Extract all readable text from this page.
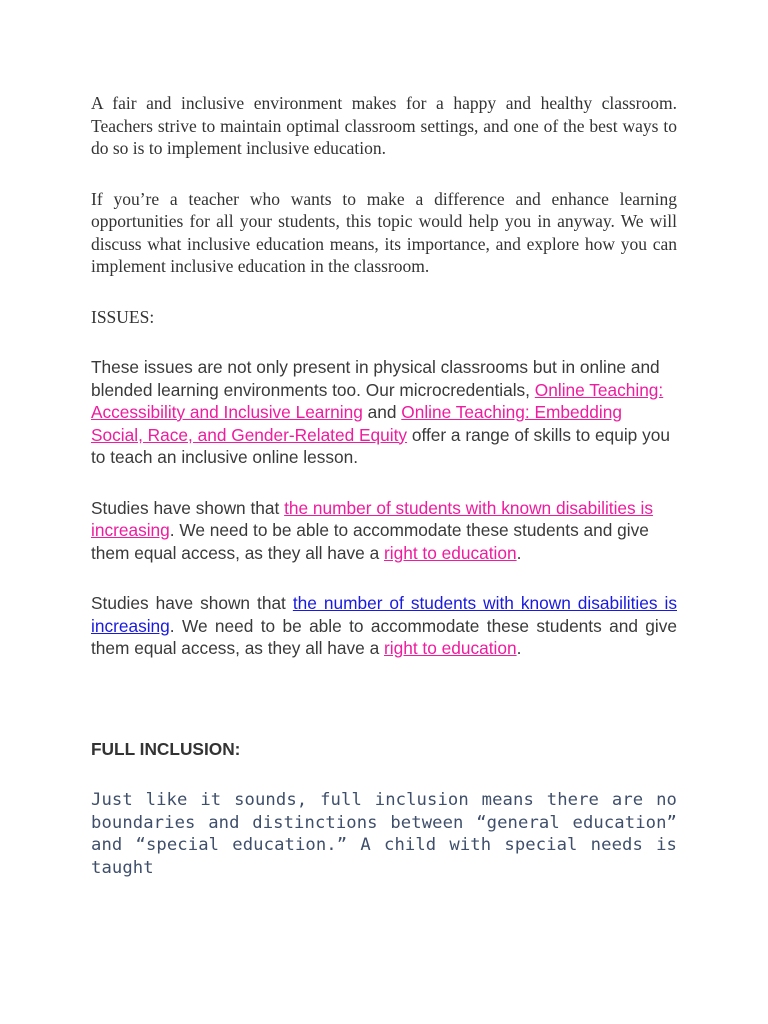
A fair and inclusive environment makes for a happy and healthy classroom. Teachers strive to maintain optimal classroom settings, and one of the best ways to do so is to implement inclusive education.

If you’re a teacher who wants to make a difference and enhance learning opportunities for all your students, this topic would help you in anyway. We will discuss what inclusive education means, its importance, and explore how you can implement inclusive education in the classroom.

ISSUES:

These issues are not only present in physical classrooms but in online and blended learning environments too. Our microcredentials, Online Teaching: Accessibility and Inclusive Learning and Online Teaching: Embedding Social, Race, and Gender-Related Equity offer a range of skills to equip you to teach an inclusive online lesson.

Studies have shown that the number of students with known disabilities is increasing. We need to be able to accommodate these students and give them equal access, as they all have a right to education.

Studies have shown that the number of students with known disabilities is increasing. We need to be able to accommodate these students and give them equal access, as they all have a right to education.

FULL INCLUSION:

Just like it sounds, full inclusion means there are no boundaries and distinctions between “general education” and “special education.” A child with special needs is taught
